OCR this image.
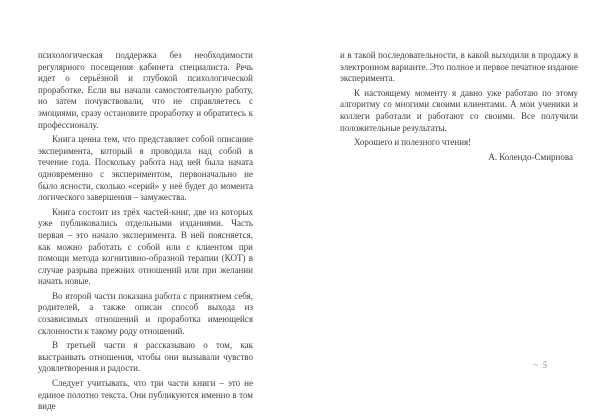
психологическая поддержка без необходимости регулярного посещения кабинета специалиста. Речь идет о серьёзной и глубокой психологической проработке. Если вы начали самостоятельную работу, но затем почувствовали, что не справляетесь с эмоциями, сразу остановите проработку и обратитесь к профессионалу.

Книга ценна тем, что представляет собой описание эксперимента, который я проводила над собой в течение года. Поскольку работа над ней была начата одновременно с экспериментом, первоначально не было ясности, сколько «серий» у неё будет до момента логического завершения – замужества.

Книга состоит из трёх частей-книг, две из которых уже публиковались отдельными изданиями. Часть первая – это начало эксперимента. В ней поясняется, как можно работать с собой или с клиентом при помощи метода когнитивно-образной терапии (КОТ) в случае разрыва прежних отношений или при желании начать новые.

Во второй части показана работа с принятием себя, родителей, а также описан способ выхода из созависимых отношений и проработка имеющейся склонности к такому роду отношений.

В третьей части я рассказываю о том, как выстраивать отношения, чтобы они вызывали чувство удовлетворения и радости.

Следует учитывать, что три части книги – это не единое полотно текста. Они публикуются именно в том виде

и в такой последовательности, в какой выходили в продажу в электронном варианте. Это полное и первое печатное издание эксперимента.

К настоящему моменту я давно уже работаю по этому алгоритму со многими своими клиентами. А мои ученики и коллеги работали и работают со своими. Все получили положительные результаты.

Хорошего и полезного чтения!

А. Колендо-Смирнова

~ 5
